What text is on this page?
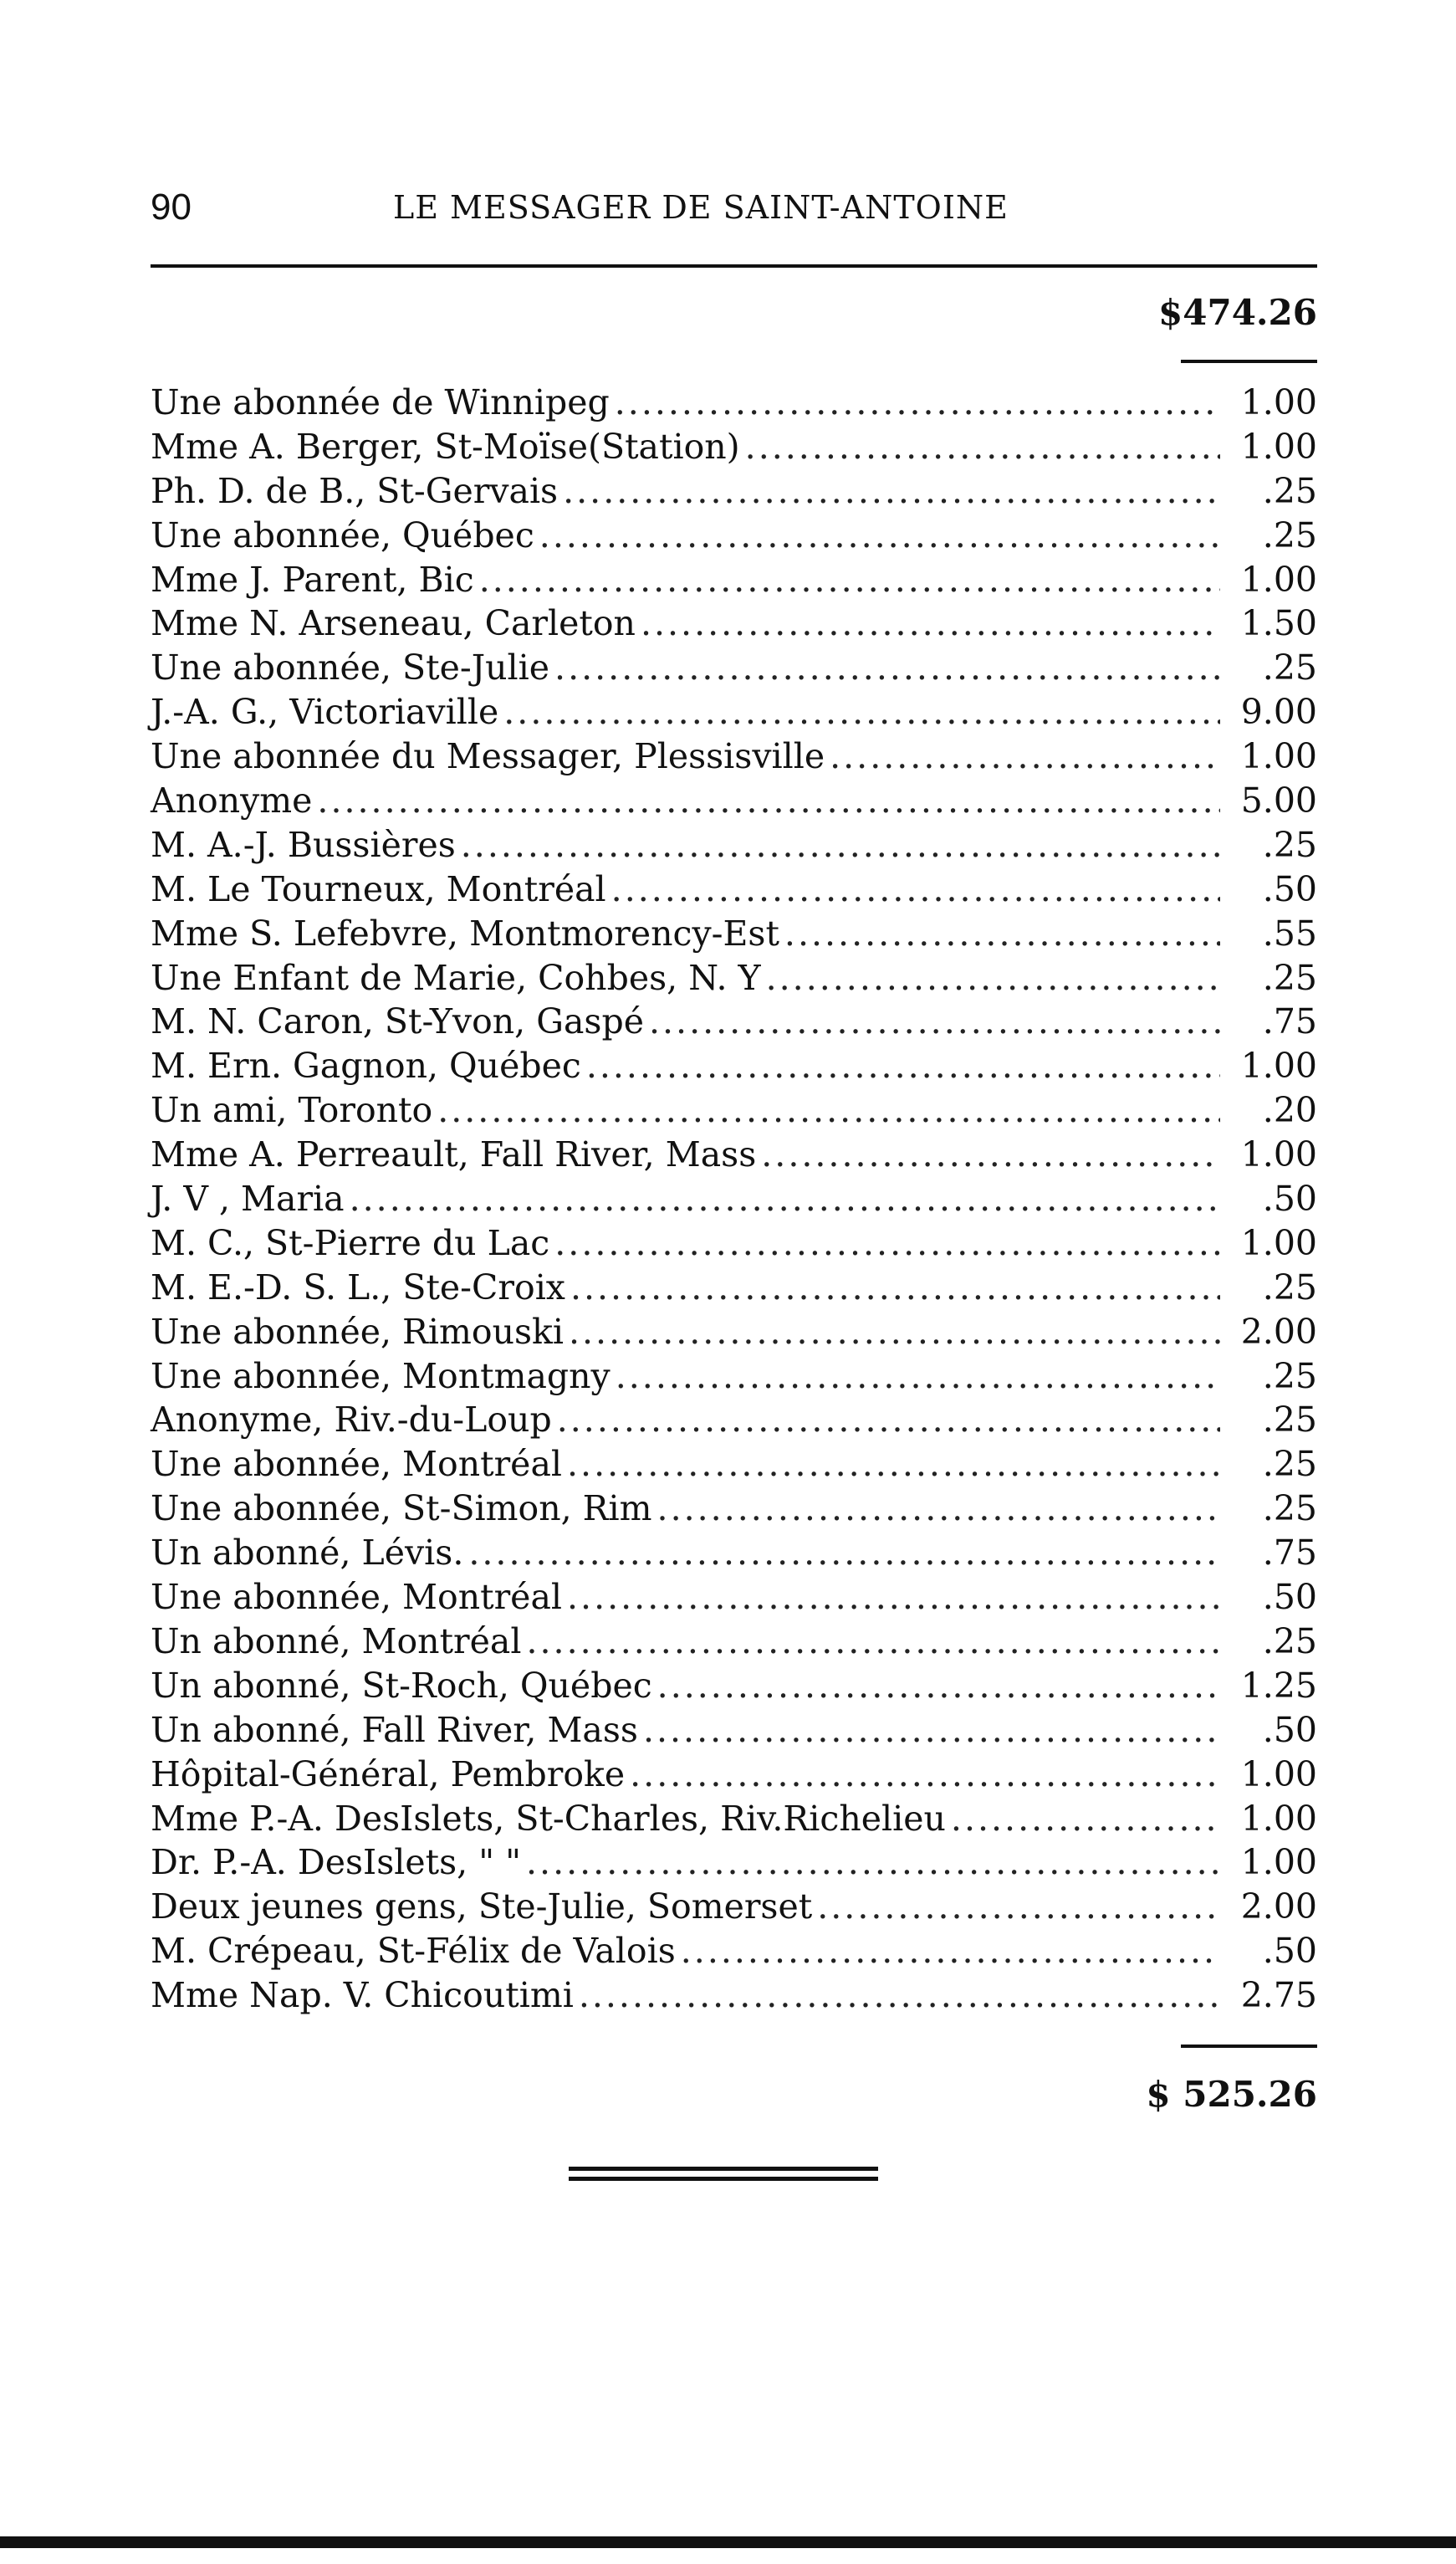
90	LE MESSAGER DE SAINT-ANTOINE
$474.26
Une abonnée de Winnipeg .....	1.00
Mme A. Berger, St-Moïse(Station) .....	1.00
Ph. D. de B., St-Gervais .....	.25
Une abonnée, Québec .....	.25
Mme J. Parent, Bic .....	1.00
Mme N. Arseneau, Carleton .....	1.50
Une abonnée, Ste-Julie .....	.25
J.-A. G., Victoriaville .....	9.00
Une abonnée du Messager, Plessisville .....	1.00
Anonyme .....	5.00
M. A.-J. Bussières .....	.25
M. Le Tourneux, Montréal .....	.50
Mme S. Lefebvre, Montmorency-Est .....	.55
Une Enfant de Marie, Cohbes, N. Y .....	.25
M. N. Caron, St-Yvon, Gaspé .....	.75
M. Ern. Gagnon, Québec .....	1.00
Un ami, Toronto .....	.20
Mme A. Perreault, Fall River, Mass .....	1.00
J. V , Maria .....	.50
M. C., St-Pierre du Lac .....	1.00
M. E.-D. S. L., Ste-Croix .....	.25
Une abonnée, Rimouski .....	2.00
Une abonnée, Montmagny .....	.25
Anonyme, Riv.-du-Loup .....	.25
Une abonnée, Montréal .....	.25
Une abonnée, St-Simon, Rim .....	.25
Un abonné, Lévis. .....	.75
Une abonnée, Montréal .....	.50
Un abonné, Montréal .....	.25
Un abonné, St-Roch, Québec .....	1.25
Un abonné, Fall River, Mass .....	.50
Hôpital-Général, Pembroke .....	1.00
Mme P.-A. DesIslets, St-Charles, Riv.Richelieu .....	1.00
Dr. P.-A. DesIslets, " " .....	1.00
Deux jeunes gens, Ste-Julie, Somerset .....	2.00
M. Crépeau, St-Félix de Valois .....	.50
Mme Nap. V. Chicoutimi .....	2.75
$ 525.26
